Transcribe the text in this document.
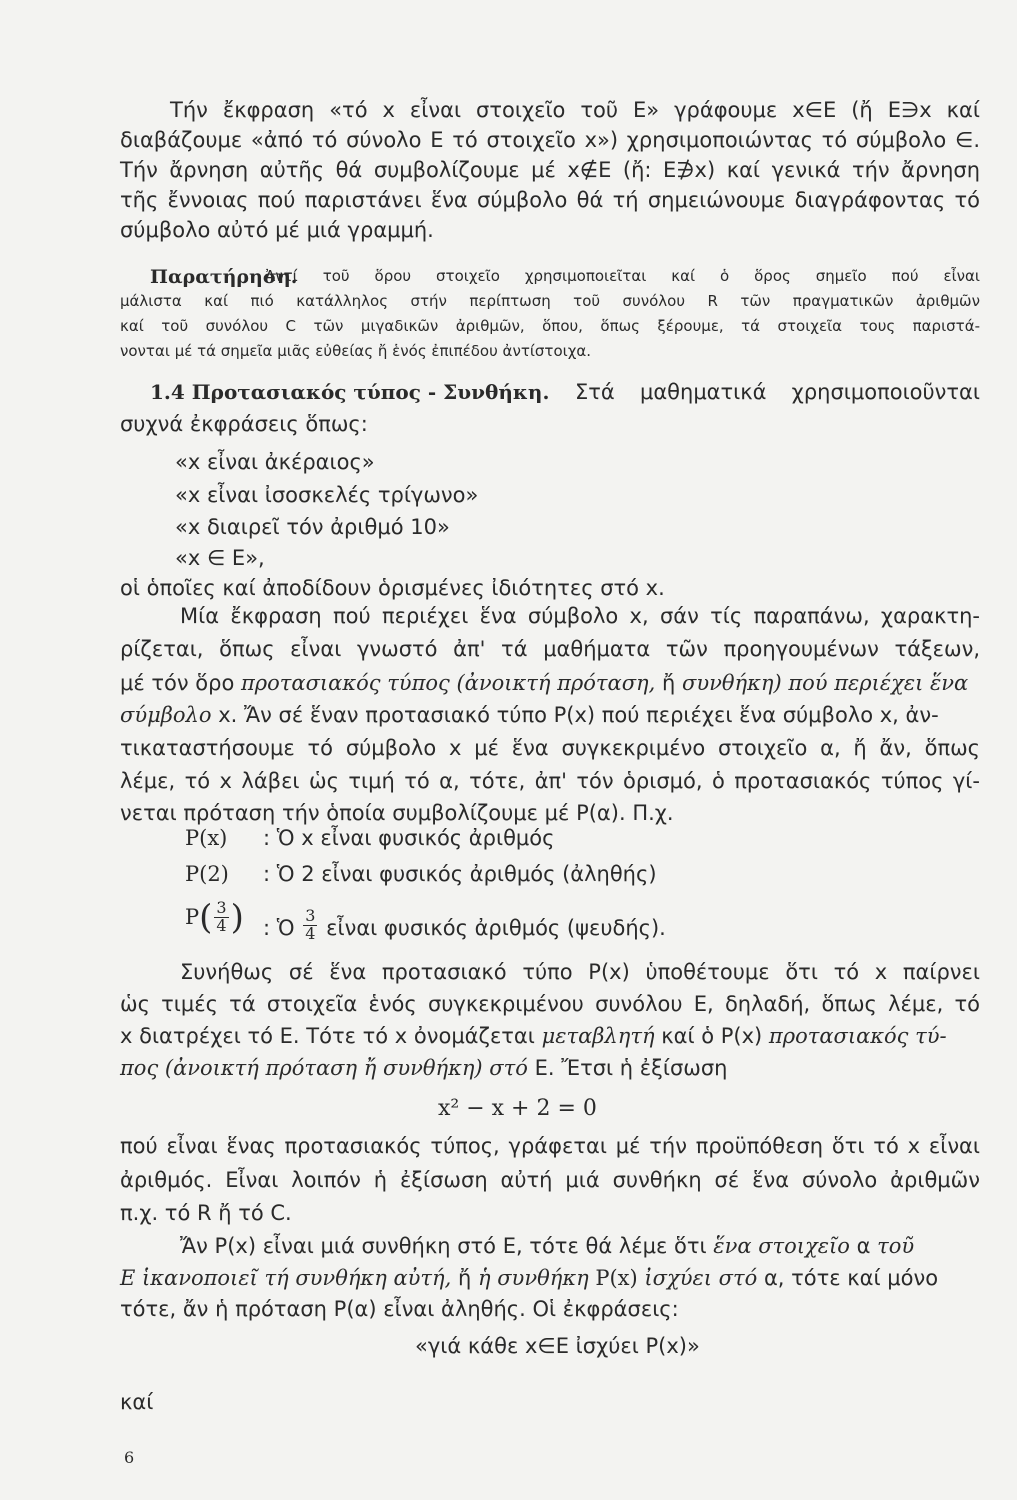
Τήν ἔκφραση «τό x εἶναι στοιχεῖο τοῦ Ε» γράφουμε x∈E (ἤ E∋x καί
διαβάζουμε «ἀπό τό σύνολο Ε τό στοιχεῖο x») χρησιμοποιώντας τό σύμβολο ∈.
Τήν ἄρνηση αὐτῆς θά συμβολίζουμε μέ x∉E (ἤ: E∌x) καί γενικά τήν ἄρνηση
τῆς ἔννοιας πού παριστάνει ἕνα σύμβολο θά τή σημειώνουμε διαγράφοντας τό
σύμβολο αὐτό μέ μιά γραμμή.
Παρατήρηση.
Ἀντί τοῦ ὅρου στοιχεῖο χρησιμοποιεῖται καί ὁ ὅρος σημεῖο πού εἶναι
μάλιστα καί πιό κατάλληλος στήν περίπτωση τοῦ συνόλου R τῶν πραγματικῶν ἀριθμῶν
καί τοῦ συνόλου C τῶν μιγαδικῶν ἀριθμῶν, ὅπου, ὅπως ξέρουμε, τά στοιχεῖα τους παριστά-
νονται μέ τά σημεῖα μιᾶς εὐθείας ἤ ἑνός ἐπιπέδου ἀντίστοιχα.
1.4 Προτασιακός τύπος - Συνθήκη. Στά μαθηματικά χρησιμοποιοῦνται
συχνά ἐκφράσεις ὅπως:
«x εἶναι ἀκέραιος»
«x εἶναι ἰσοσκελές τρίγωνο»
«x διαιρεῖ τόν ἀριθμό 10»
«x ∈ E»,
οἱ ὁποῖες καί ἀποδίδουν ὁρισμένες ἰδιότητες στό x.
Μία ἔκφραση πού περιέχει ἕνα σύμβολο x, σάν τίς παραπάνω, χαρακτη-
ρίζεται, ὅπως εἶναι γνωστό ἀπ' τά μαθήματα τῶν προηγουμένων τάξεων,
μέ τόν ὅρο προτασιακός τύπος (ἀνοικτή πρόταση, ἤ συνθήκη) πού περιέχει ἕνα
σύμβολο x. Ἄν σέ ἕναν προτασιακό τύπο P(x) πού περιέχει ἕνα σύμβολο x, ἀν-
τικαταστήσουμε τό σύμβολο x μέ ἕνα συγκεκριμένο στοιχεῖο α, ἤ ἄν, ὅπως
λέμε, τό x λάβει ὡς τιμή τό α, τότε, ἀπ' τόν ὁρισμό, ὁ προτασιακός τύπος γί-
νεται πρόταση τήν ὁποία συμβολίζουμε μέ P(α). Π.χ.
P(x) : Ὁ x εἶναι φυσικός ἀριθμός
P(2) : Ὁ 2 εἶναι φυσικός ἀριθμός (ἀληθής)
$P( \frac{3}{4}$ ) : Ὁ $\frac{3}{4}$ εἶναι φυσικός ἀριθμός (ψευδής).
Συνήθως σέ ἕνα προτασιακό τύπο P(x) ὑποθέτουμε ὅτι τό x παίρνει
ὡς τιμές τά στοιχεῖα ἑνός συγκεκριμένου συνόλου Ε, δηλαδή, ὅπως λέμε, τό
x διατρέχει τό Ε. Τότε τό x ὀνομάζεται μεταβλητή καί ὁ P(x) προτασιακός τύ-
πος (ἀνοικτή πρόταση ἤ συνθήκη) στό Ε. Ἔτσι ἡ ἐξίσωση
x² − x + 2 = 0
πού εἶναι ἕνας προτασιακός τύπος, γράφεται μέ τήν προϋπόθεση ὅτι τό x εἶναι
ἀριθμός. Εἶναι λοιπόν ἡ ἐξίσωση αὐτή μιά συνθήκη σέ ἕνα σύνολο ἀριθμῶν
π.χ. τό R ἤ τό C.
Ἄν P(x) εἶναι μιά συνθήκη στό Ε, τότε θά λέμε ὅτι ἕνα στοιχεῖο α τοῦ
Ε ἱκανοποιεῖ τή συνθήκη αὐτή, ἤ ἡ συνθήκη P(x) ἰσχύει στό α, τότε καί μόνο
τότε, ἄν ἡ πρόταση P(α) εἶναι ἀληθής. Οἱ ἐκφράσεις:
«γιά κάθε x∈E ἰσχύει P(x)»
καί
6
